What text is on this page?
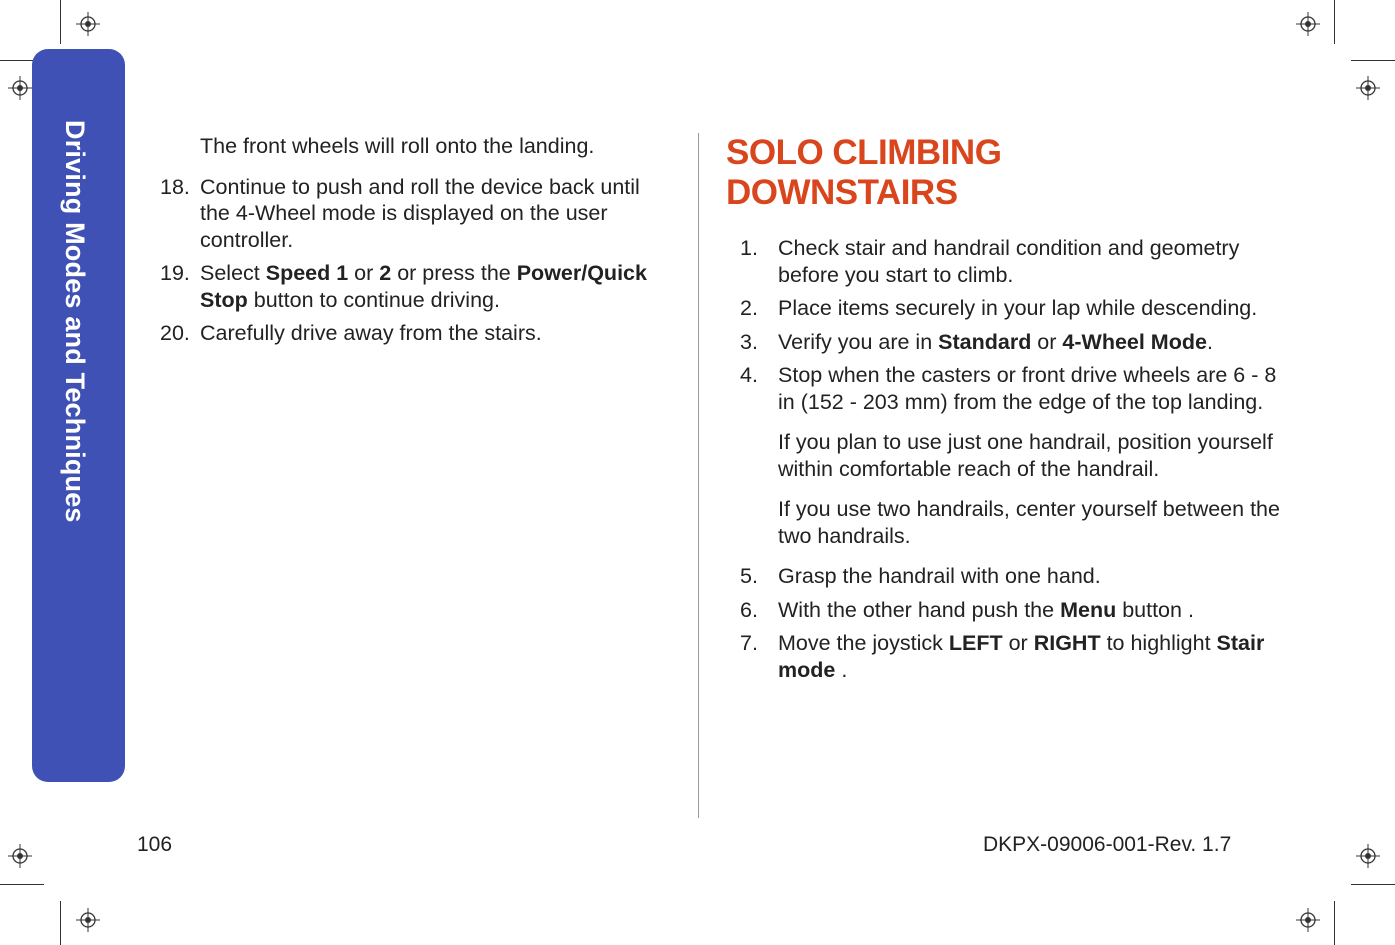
Driving Modes and Techniques	The front wheels will roll onto the landing.

18. Continue to push and roll the device back until the 4-Wheel mode is displayed on the user controller.
19. Select Speed 1 or 2 or press the Power/Quick Stop button to continue driving.
20. Carefully drive away from the stairs.
SOLO CLIMBING
DOWNSTAIRS
1. Check stair and handrail condition and geometry before you start to climb.
2. Place items securely in your lap while descending.
3. Verify you are in Standard or 4-Wheel Mode.
4. Stop when the casters or front drive wheels are 6 - 8 in (152 - 203 mm) from the edge of the top landing.

If you plan to use just one handrail, position yourself within comfortable reach of the handrail.

If you use two handrails, center yourself between the two handrails.

5. Grasp the handrail with one hand.
6. With the other hand push the Menu button .
7. Move the joystick LEFT or RIGHT to highlight Stair mode .
106	DKPX-09006-001-Rev. 1.7
